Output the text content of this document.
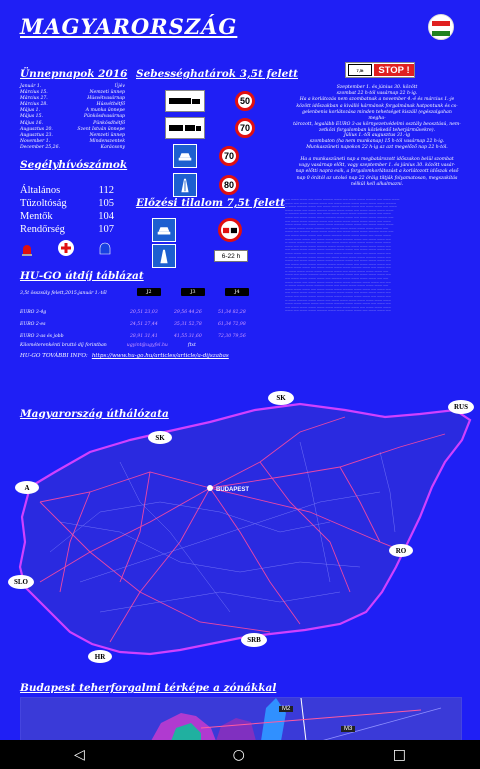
MAGYARORSZÁG
Ünnepnapok 2016
Január 1.	Újév
Március 15.	Nemzeti ünnep
Március 27.	Húsvétvasárnap
Március 28.	Húsvéthétfő
Május 1.	A munka ünnepe
Május 15.	Pünkösdvasárnap
Május 16.	Pünkösdhétfő
Augusztus 20.	Szent István ünnepe
Augusztus 23.	Nemzeti ünnep
November 1.	Mindenszentek
December 25,26.	Karácsony
Segélyhívószámok
Általános	112
Tűzoltóság	105
Mentők	104
Rendőrség	107
Sebességhatárok 3,5t felett
50
70
70
80
Előzési tilalom 7,5t felett
6-22 h
7,5t	STOP !
Szeptember 1. és június 30. között
szombat 22 h-tól vasárnap 22 h-ig.
Ha a korlátozás nem szombatnak a november 4.-é és március 1.-je
között időszakban a kiválló kármánok forgalmának hatpontunk és cs-
gelenbenis korlátozása minden tehetséget kiszáll (egészalgahan megha-
tározott, legalább EURO 3-as környezetvédelmi osztály beosztású, nem-
zetközi forgalomban közlekedő teherjárművekre).
Július 1.-től augusztus 31.-ig
szombaton (ha nem munkanap) 15 h-tól vasárnap 22 h-ig.
Munkaszüneti napokon 22 h-ig az azt megelőző nap 22 h-tól.
Ha a munkaszüneti nap a megbatározott időszakon belül szombat
vagy vasárnap előtt, vagy szeptember 1. és június 30. között vasár-
nap előtti napra esik, a forgalomkorlátozást a korlátozott időszak első
nap 0 órától az utolsó nap 22 óráig tiltják folyamatosan, megszakítás
nélkül kell alkalmazni.
—— ——— ——— —— ——— ———— ——— —— ——— ——— ———— —— ——— ———
——— —— ——— ———— ——— —— ——— ——— ——— ——— ——— ——— ————
— ——— ———— ——— —— ——— ——— ———— ——— —— ——— ——— —— ———
——— ——— —— ——— ———— ——— ——— ——— —— ——— ——— ——— ———
— ———— ——— ——— —— ——— ——— ——— ——— ———— ——— —— ———
——— —— ——— ——— ——— ———— ——— ——— —— ——— ——— ———— ——
—— ——— ——— ———— ——— —— ——— ——— ——— ——— ——— —— ———
——— ——— —— ——— ——— ——— ———— ——— ——— —— ——— ——— ———
— ——— ——— ——— ———— —— ——— ——— ——— ——— ——— ——— ——
——— —— ———— ——— ——— ——— —— ——— ——— ——— ———— ——— ——
—— ——— ——— ——— —— ——— ———— ——— ——— ——— —— ——— ———
——— ——— ——— —— ——— ——— ——— ———— ——— —— ——— ——— ——
— ——— ——— ———— ——— —— ——— ——— ——— ——— ——— ——— ———
——— —— ——— ——— ———— ——— ——— —— ——— ——— ——— ——— ——
—— ——— ——— ——— ——— ———— ——— ——— —— ——— ——— ——— ——
——— ——— —— ——— ——— ——— ——— ———— ——— —— ——— ——— ——
— ——— ———— ——— ——— —— ——— ——— ——— ——— ———— ——— ——
——— —— ——— ——— ——— ——— ———— ——— —— ——— ——— ——— ——
—— ——— ——— ——— ———— ——— ——— ——— —— ——— ——— ——— ——
——— ——— ——— —— ——— ——— ——— ——— ———— ——— —— ——— ——
— ——— ——— ——— ——— ———— ——— —— ——— ——— ——— ——— ——
——— —— ——— ———— ——— ——— ——— ——— —— ——— ——— ——— ——
—— ——— ——— ——— ——— —— ———— ——— ——— ——— ——— —— ——
——— ——— —— ——— ——— ——— ——— ——— ———— ——— ——— —— ——
— ——— ——— ——— ———— ——— —— ——— ——— ——— ——— ——— ——
——— ——— ——— —— ——— ——— ——— ———— ——— ——— —— ——— ——
—— ——— ——— ——— ——— ———— ——— ——— —— ——— ——— ——— ——
——— —— ——— ——— ——— ——— ——— ———— ——— ——— —— ——— ——
— ——— ———— ——— ——— —— ——— ——— ——— ——— ——— ——— ———
——— ——— ——— ——— —— ——— ———— ——— ——— ——— —— ——— ——
—— ——— ——— ——— ——— ——— ——— ——— ——— —— ——— ——— ———
——— —— ——— ——— ———— ——— ——— ——— ——— —— ——— ——— ——
HU-GO útdíj táblázat
3,5t összsúly felett,2015.január 1.-től	J2	J3	J4
EURO 3-4g	20,51 23,03	29,56 44,26	51,34 82,28
EURO 2-es	24,51 27,44	35,31 52,78	61,34 72,98
EURO 3-as és jobb	28,91 31,41	41,55 31,60	72,30 79,56
Kilométerenkénti bruttó díj forintban	ugyint@ugyfel.hu	ftxt
HU-GO TOVÁBBI INFO: https://www.hu-go.hu/articles/article/a-dijszabas
Magyarország úthálózata
BUDAPEST
SK
RUS
SK
A
RO
SLO
SRB
HR
Budapest teherforgalmi térképe a zónákkal
M2
M3
◁	○	□
